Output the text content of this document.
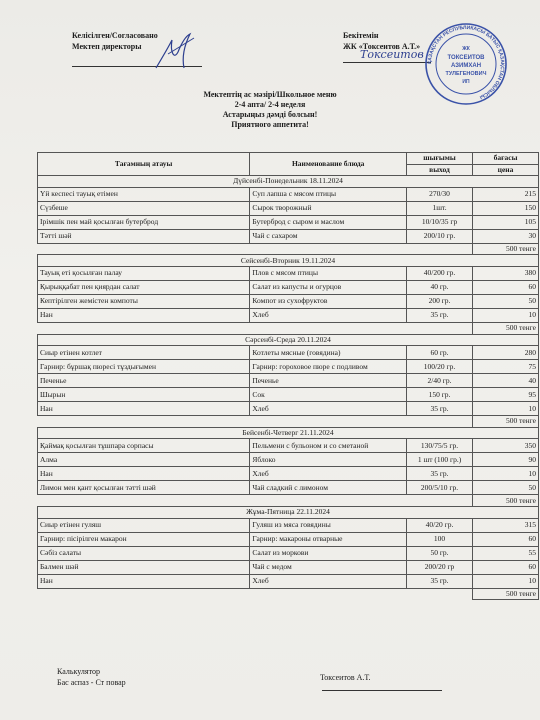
Келісілген/Согласовано
Мектеп директоры
Бекітемін
ЖК «Токсеитов А.Т.»
Токсеитов
ҚАЗАҚСТАН РЕСПУБЛИКАСЫ БАТЫС ҚАЗАҚСТАН ОБЛЫСЫ
ЖК
ТОКСЕИТОВ
АЗИМХАН
ТУЛЕГЕНОВИЧ
ИП
Мектептің ас мәзірі/Школьное меню
2-4 апта/ 2-4 неделя
Астарыңыз дәмді болсын!
Приятного аппетита!
Тағамның атауы	Наименование блюда	шығымы	бағасы
		выход	цена
Дүйсенбі-Понедельник 18.11.2024			
Үй кеспесі тауық етімен	Суп лапша с мясом птицы	270/30	215
Сүзбеше	Сырок творожный	1шт.	150
Ірімшік пен май қосылған бутерброд	Бутерброд с сыром и маслом	10/10/35 гр	105
Тәтті шәй	Чай с сахаром	200/10 гр.	30
			500 тенге
Сейсенбі-Вторник 19.11.2024			
Тауық еті қосылған палау	Плов с мясом птицы	40/200 гр.	380
Қырыққабат пен қиярдан салат	Салат из капусты и огурцов	40 гр.	60
Кептірілген жемістен компоты	Компот из сухофруктов	200 гр.	50
Нан	Хлеб	35 гр.	10
			500 тенге
Сәрсенбі-Среда 20.11.2024			
Сиыр етінен котлет	Котлеты мясные (говядина)	60 гр.	280
Гарнир: бұршақ пюресі тұздығымен	Гарнир: гороховое пюре с подливом	100/20 гр.	75
Печенье	Печенье	2/40 гр.	40
Шырын	Сок	150 гр.	95
Нан	Хлеб	35 гр.	10
			500 тенге
Бейсенбі-Четверг 21.11.2024			
Қаймақ қосылған тұшпара сорпасы	Пельмени с бульоном и со сметаной	130/75/5 гр.	350
Алма	Яблоко	1 шт (100 гр.)	90
Нан	Хлеб	35 гр.	10
Лимон мен қант қосылған тәтті шәй	Чай сладкий с лимоном	200/5/10 гр.	50
			500 тенге
Жұма-Пятница 22.11.2024			
Сиыр етінен гуляш	Гуляш из мяса говядины	40/20 гр.	315
Гарнир: пісірілген макарон	Гарнир: макароны отварные	100	60
Сәбіз салаты	Салат из моркови	50 гр.	55
Балмен шәй	Чай с медом	200/20 гр	60
Нан	Хлеб	35 гр.	10
			500 тенге
Калькулятор
Бас аспаз - Ст повар
Токсеитов А.Т.
